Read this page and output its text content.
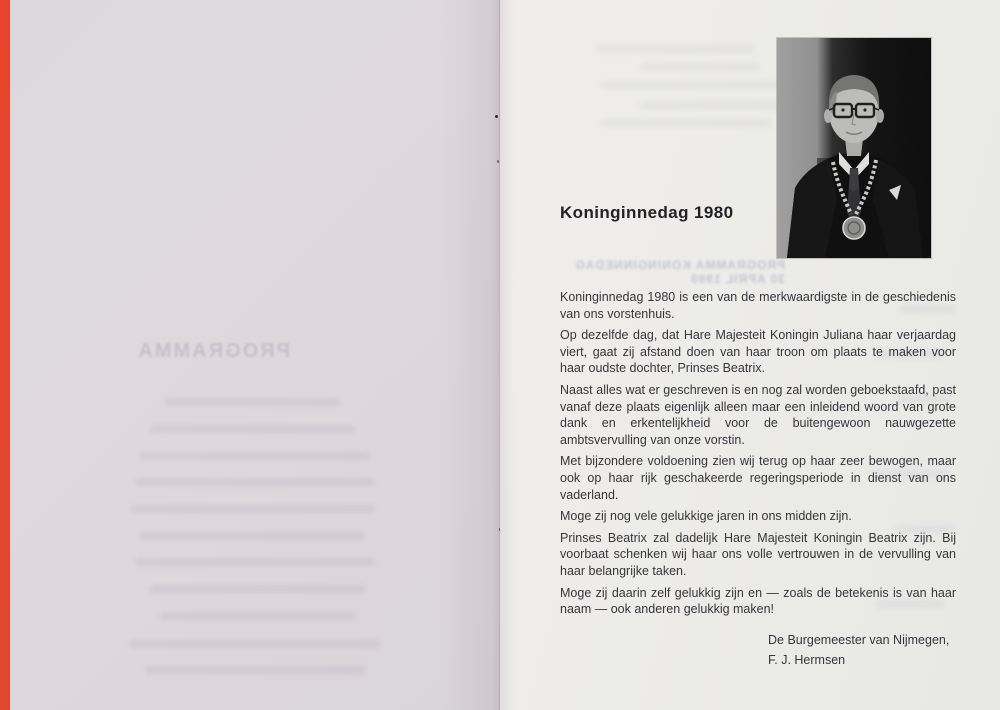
PROGRAMMA
Koninginnedag 1980
PROGRAMMA KONINGINNEDAG 30 APRIL 1980

Koninginnedag 1980 is een van de merkwaardigste in de geschiedenis van ons vorstenhuis.

Op dezelfde dag, dat Hare Majesteit Koningin Juliana haar verjaardag viert, gaat zij afstand doen van haar troon om plaats te maken voor haar oudste dochter, Prinses Beatrix.

Naast alles wat er geschreven is en nog zal worden geboekstaafd, past vanaf deze plaats eigenlijk alleen maar een inleidend woord van grote dank en erkentelijkheid voor de buitengewoon nauwgezette ambtsvervulling van onze vorstin.

Met bijzondere voldoening zien wij terug op haar zeer bewogen, maar ook op haar rijk geschakeerde regeringsperiode in dienst van ons vaderland.

Moge zij nog vele gelukkige jaren in ons midden zijn.

Prinses Beatrix zal dadelijk Hare Majesteit Koningin Beatrix zijn. Bij voorbaat schenken wij haar ons volle vertrouwen in de vervulling van haar belangrijke taken.

Moge zij daarin zelf gelukkig zijn en — zoals de betekenis is van haar naam — ook anderen gelukkig maken!

De Burgemeester van Nijmegen,
F. J. Hermsen
